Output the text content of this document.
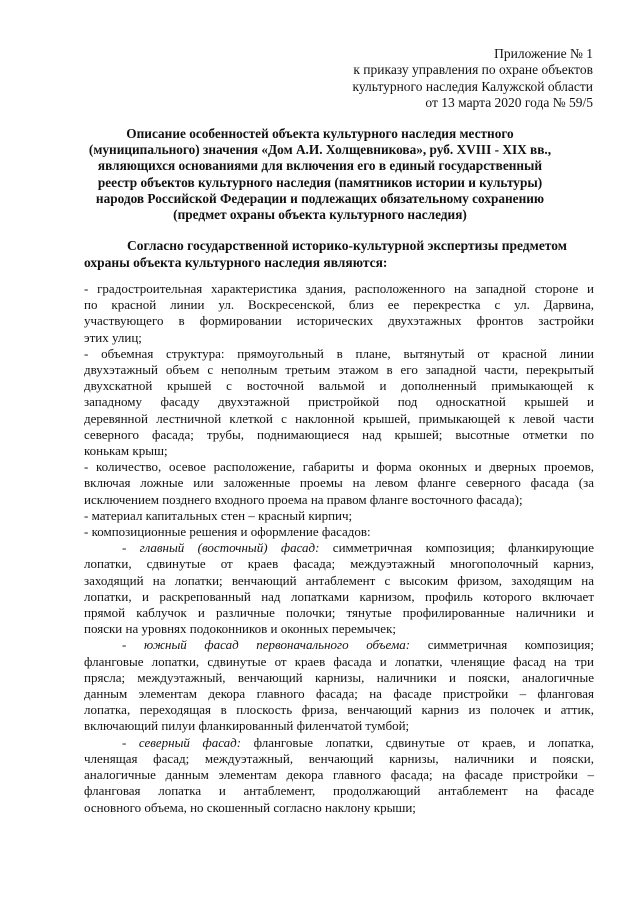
Приложение № 1
к приказу управления по охране объектов
культурного наследия Калужской области
от 13 марта 2020 года № 59/5
Описание особенностей объекта культурного наследия местного
(муниципального) значения «Дом А.И. Холщевникова», руб. XVIII - XIX вв.,
являющихся основаниями для включения его в единый государственный
реестр объектов культурного наследия (памятников истории и культуры)
народов Российской Федерации и подлежащих обязательному сохранению
(предмет охраны объекта культурного наследия)
Согласно государственной историко-культурной экспертизы предметом
охраны объекта культурного наследия являются:
- градостроительная характеристика здания, расположенного на западной стороне и
по красной линии ул. Воскресенской, близ ее перекрестка с ул. Дарвина,
участвующего в формировании исторических двухэтажных фронтов застройки
этих улиц;
- объемная структура: прямоугольный в плане, вытянутый от красной линии
двухэтажный объем с неполным третьим этажом в его западной части, перекрытый
двухскатной крышей с восточной вальмой и дополненный примыкающей к
западному фасаду двухэтажной пристройкой под односкатной крышей и
деревянной лестничной клеткой с наклонной крышей, примыкающей к левой части
северного фасада; трубы, поднимающиеся над крышей; высотные отметки по
конькам крыш;
- количество, осевое расположение, габариты и форма оконных и дверных проемов,
включая ложные или заложенные проемы на левом фланге северного фасада (за
исключением позднего входного проема на правом фланге восточного фасада);
- материал капитальных стен – красный кирпич;
- композиционные решения и оформление фасадов:
- главный (восточный) фасад: симметричная композиция; фланкирующие
лопатки, сдвинутые от краев фасада; междуэтажный многополочный карниз,
заходящий на лопатки; венчающий антаблемент с высоким фризом, заходящим на
лопатки, и раскрепованный над лопатками карнизом, профиль которого включает
прямой каблучок и различные полочки; тянутые профилированные наличники и
пояски на уровнях подоконников и оконных перемычек;
- южный фасад первоначального объема: симметричная композиция;
фланговые лопатки, сдвинутые от краев фасада и лопатки, членящие фасад на три
прясла; междуэтажный, венчающий карнизы, наличники и пояски, аналогичные
данным элементам декора главного фасада; на фасаде пристройки – фланговая
лопатка, переходящая в плоскость фриза, венчающий карниз из полочек и аттик,
включающий пилуи фланкированный филенчатой тумбой;
- северный фасад: фланговые лопатки, сдвинутые от краев, и лопатка,
членящая фасад; междуэтажный, венчающий карнизы, наличники и пояски,
аналогичные данным элементам декора главного фасада; на фасаде пристройки –
фланговая лопатка и антаблемент, продолжающий антаблемент на фасаде
основного объема, но скошенный согласно наклону крыши;
